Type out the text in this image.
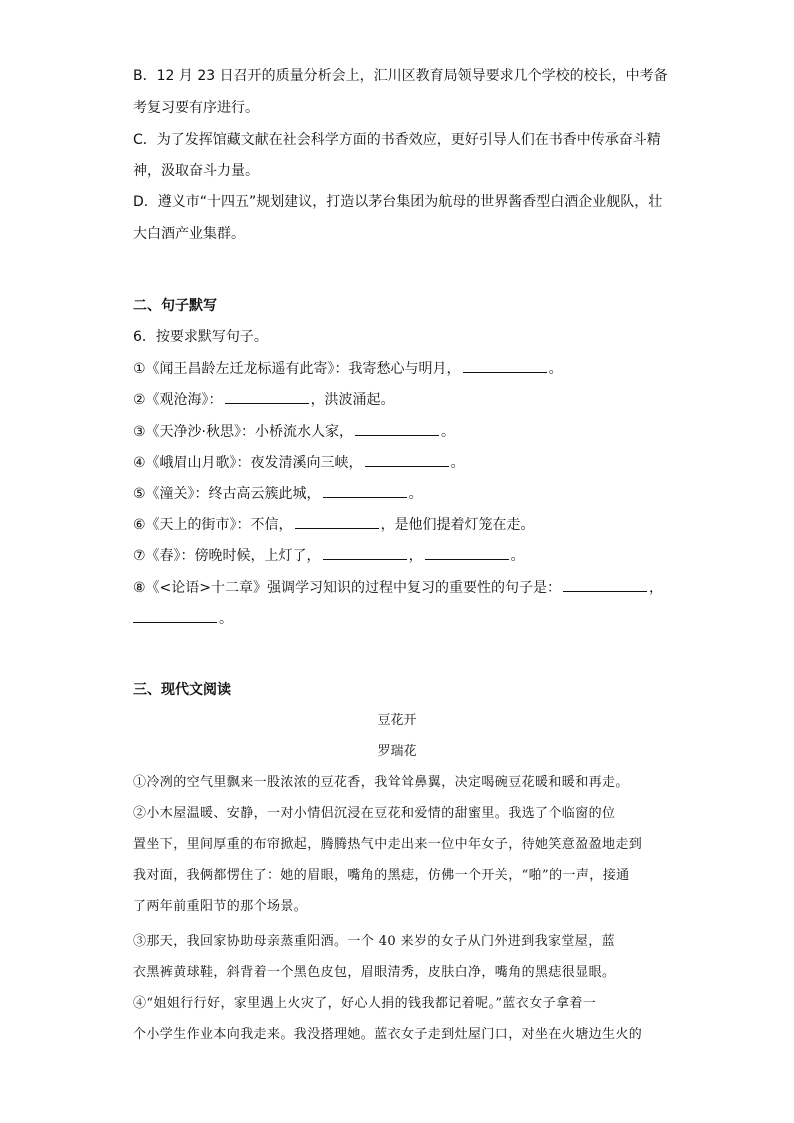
B．12 月 23 日召开的质量分析会上，汇川区教育局领导要求几个学校的校长，中考备
考复习要有序进行。
C．为了发挥馆藏文献在社会科学方面的书香效应，更好引导人们在书香中传承奋斗精
神，汲取奋斗力量。
D．遵义市“十四五”规划建议，打造以茅台集团为航母的世界酱香型白酒企业舰队，壮
大白酒产业集群。
二、句子默写
6．按要求默写句子。
①《闻王昌龄左迁龙标遥有此寄》：我寄愁心与明月，	。
②《观沧海》：	，洪波涌起。
③《天净沙·秋思》：小桥流水人家，	。
④《峨眉山月歌》：夜发清溪向三峡，	。
⑤《潼关》：终古高云簇此城，	。
⑥《天上的街市》：不信，	，是他们提着灯笼在走。
⑦《春》：傍晚时候，上灯了，	，	。
⑧《<论语>十二章》强调学习知识的过程中复习的重要性的句子是：	，
。
三、现代文阅读
豆花开
罗瑞花
①冷冽的空气里飘来一股浓浓的豆花香，我耸耸鼻翼，决定喝碗豆花暖和暖和再走。
②小木屋温暖、安静，一对小情侣沉浸在豆花和爱情的甜蜜里。我选了个临窗的位
置坐下，里间厚重的布帘掀起，腾腾热气中走出来一位中年女子，待她笑意盈盈地走到
我对面，我俩都愣住了：她的眉眼，嘴角的黑痣，仿佛一个开关，“啪”的一声，接通
了两年前重阳节的那个场景。
③那天，我回家协助母亲蒸重阳酒。一个 40 来岁的女子从门外进到我家堂屋，蓝
衣黑裤黄球鞋，斜背着一个黑色皮包，眉眼清秀，皮肤白净，嘴角的黑痣很显眼。
④“姐姐行行好，家里遇上火灾了，好心人捐的钱我都记着呢。”蓝衣女子拿着一
个小学生作业本向我走来。我没搭理她。蓝衣女子走到灶屋门口，对坐在火塘边生火的
